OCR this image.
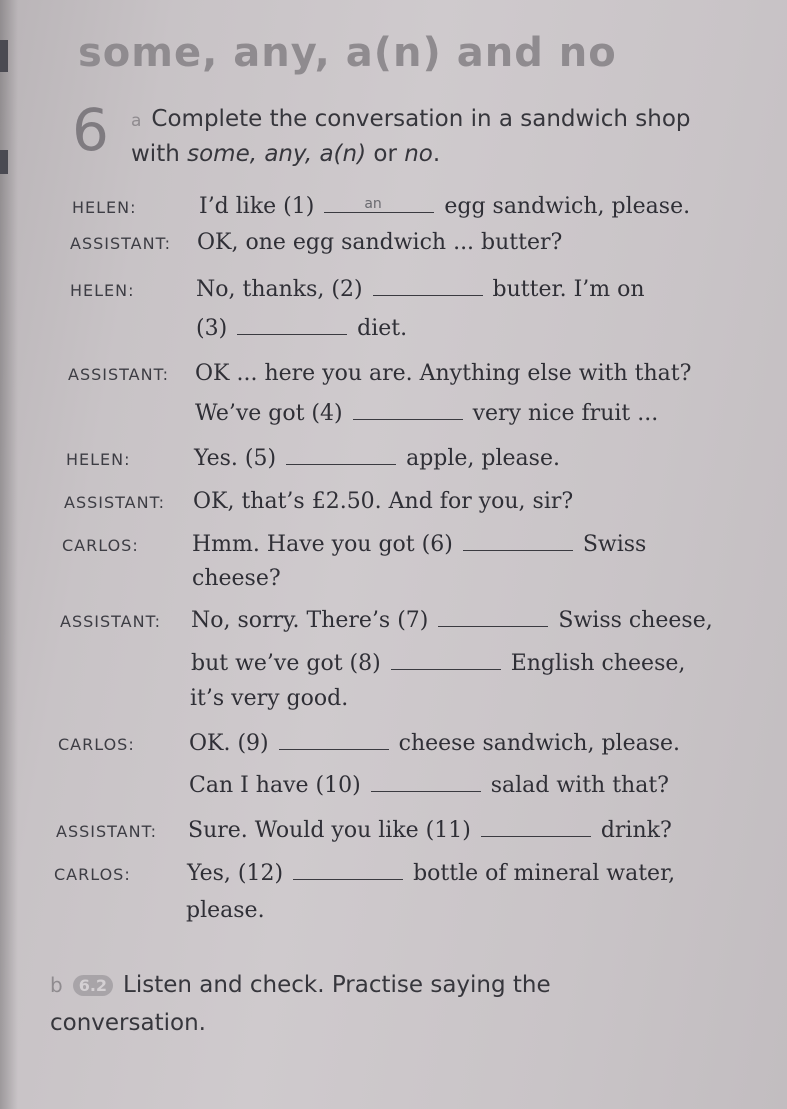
some, any, a(n) and no
6 a Complete the conversation in a sandwich shop
with some, any, a(n) or no.
HELEN:	I’d like (1)	an	egg sandwich, please.
ASSISTANT: OK, one egg sandwich ... butter?
HELEN:	No, thanks, (2)	butter. I’m on
(3)	diet.
ASSISTANT: OK ... here you are. Anything else with that?
We’ve got (4)	very nice fruit ...
HELEN:	Yes. (5)	apple, please.
ASSISTANT: OK, that’s £2.50. And for you, sir?
CARLOS: Hmm. Have you got (6)	Swiss
cheese?
ASSISTANT: No, sorry. There’s (7)	Swiss cheese,
but we’ve got (8)	English cheese,
it’s very good.
CARLOS: OK. (9)	cheese sandwich, please.
Can I have (10)	salad with that?
ASSISTANT: Sure. Would you like (11)	drink?
CARLOS:	Yes, (12)	bottle of mineral water,
please.
b 6.2 Listen and check. Practise saying the
conversation.
